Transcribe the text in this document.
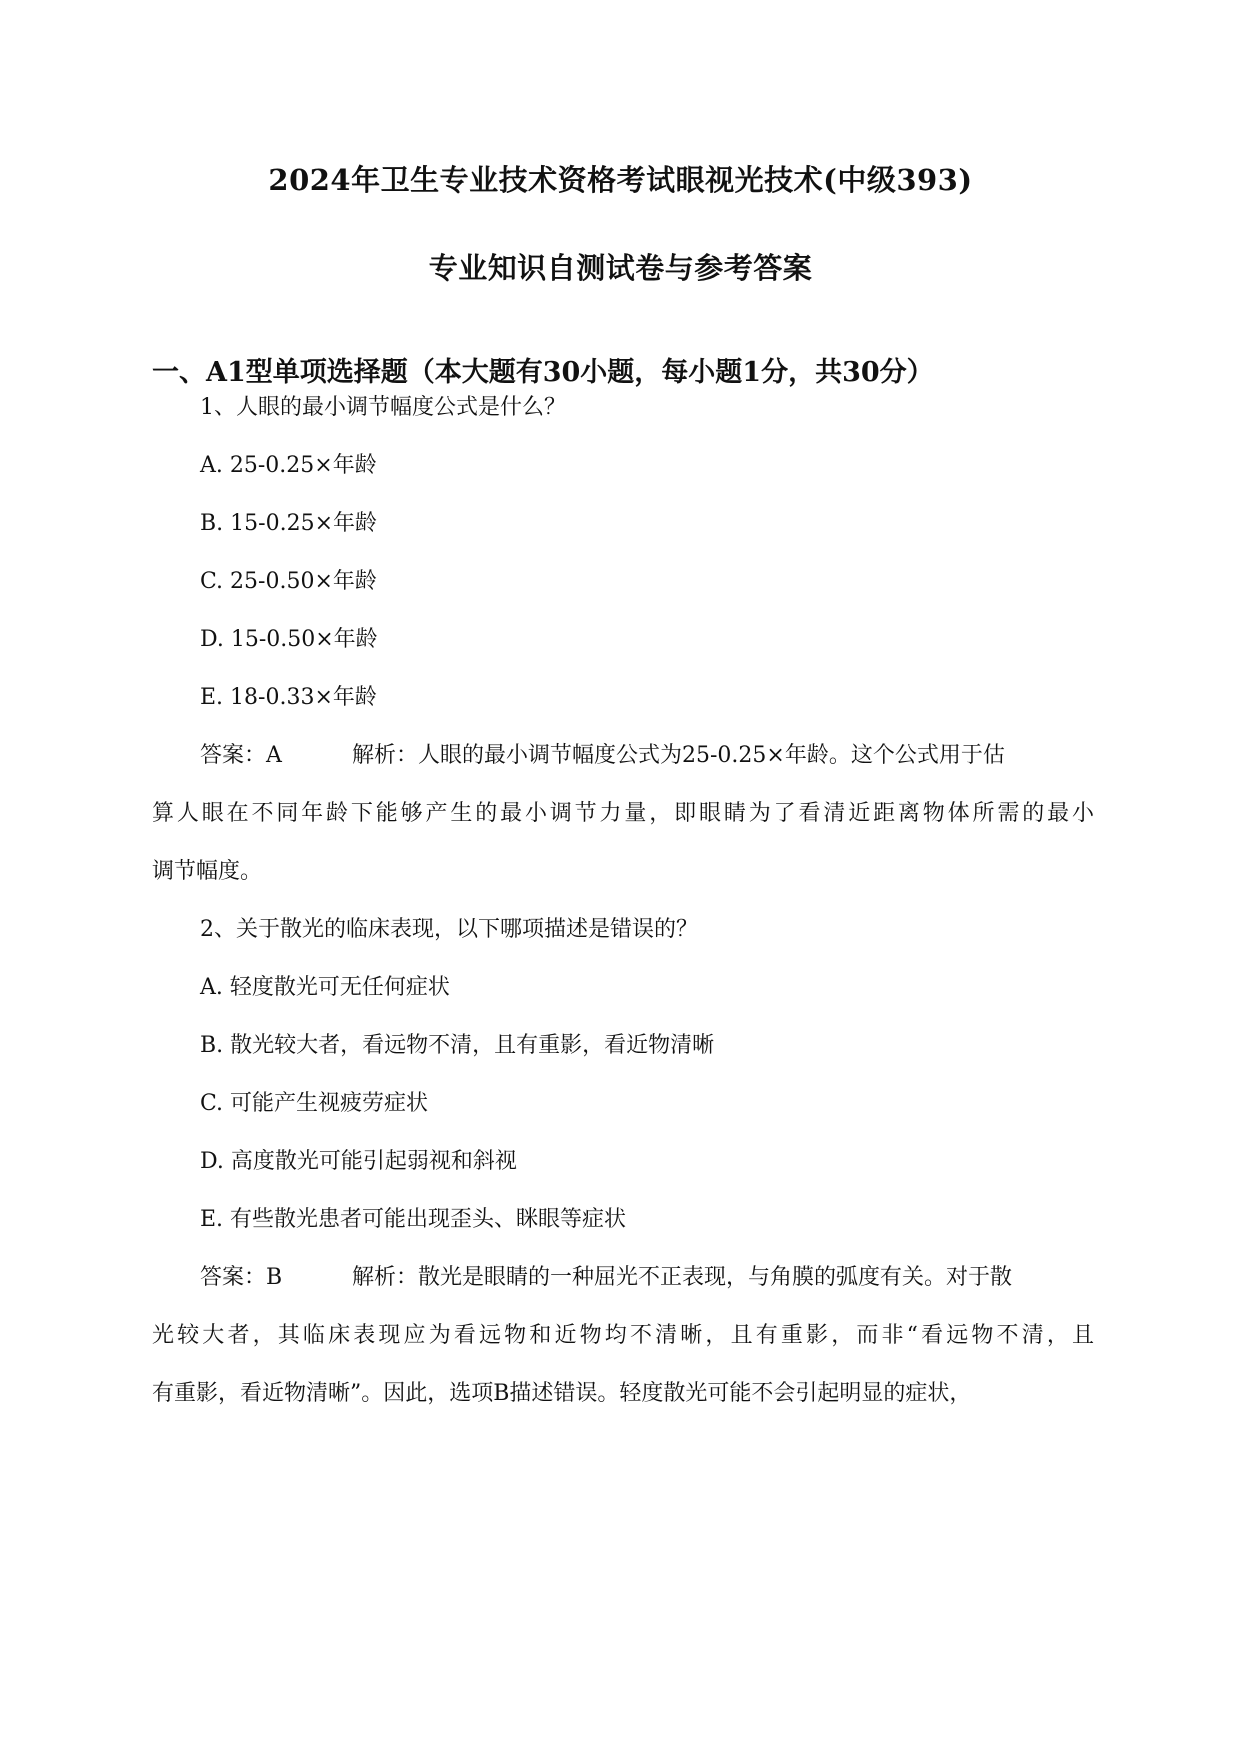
2024年卫生专业技术资格考试眼视光技术(中级393)
专业知识自测试卷与参考答案
一、A1型单项选择题（本大题有30小题，每小题1分，共30分）
1、人眼的最小调节幅度公式是什么？
A. 25-0.25×年龄
B. 15-0.25×年龄
C. 25-0.50×年龄
D. 15-0.50×年龄
E. 18-0.33×年龄
答案：A	解析：人眼的最小调节幅度公式为25-0.25×年龄。这个公式用于估
算人眼在不同年龄下能够产生的最小调节力量，即眼睛为了看清近距离物体所需的最小
调节幅度。
2、关于散光的临床表现，以下哪项描述是错误的？
A. 轻度散光可无任何症状
B. 散光较大者，看远物不清，且有重影，看近物清晰
C. 可能产生视疲劳症状
D. 高度散光可能引起弱视和斜视
E. 有些散光患者可能出现歪头、眯眼等症状
答案：B	解析：散光是眼睛的一种屈光不正表现，与角膜的弧度有关。对于散
光较大者，其临床表现应为看远物和近物均不清晰，且有重影，而非“看远物不清，且
有重影，看近物清晰”。因此，选项B描述错误。轻度散光可能不会引起明显的症状，
